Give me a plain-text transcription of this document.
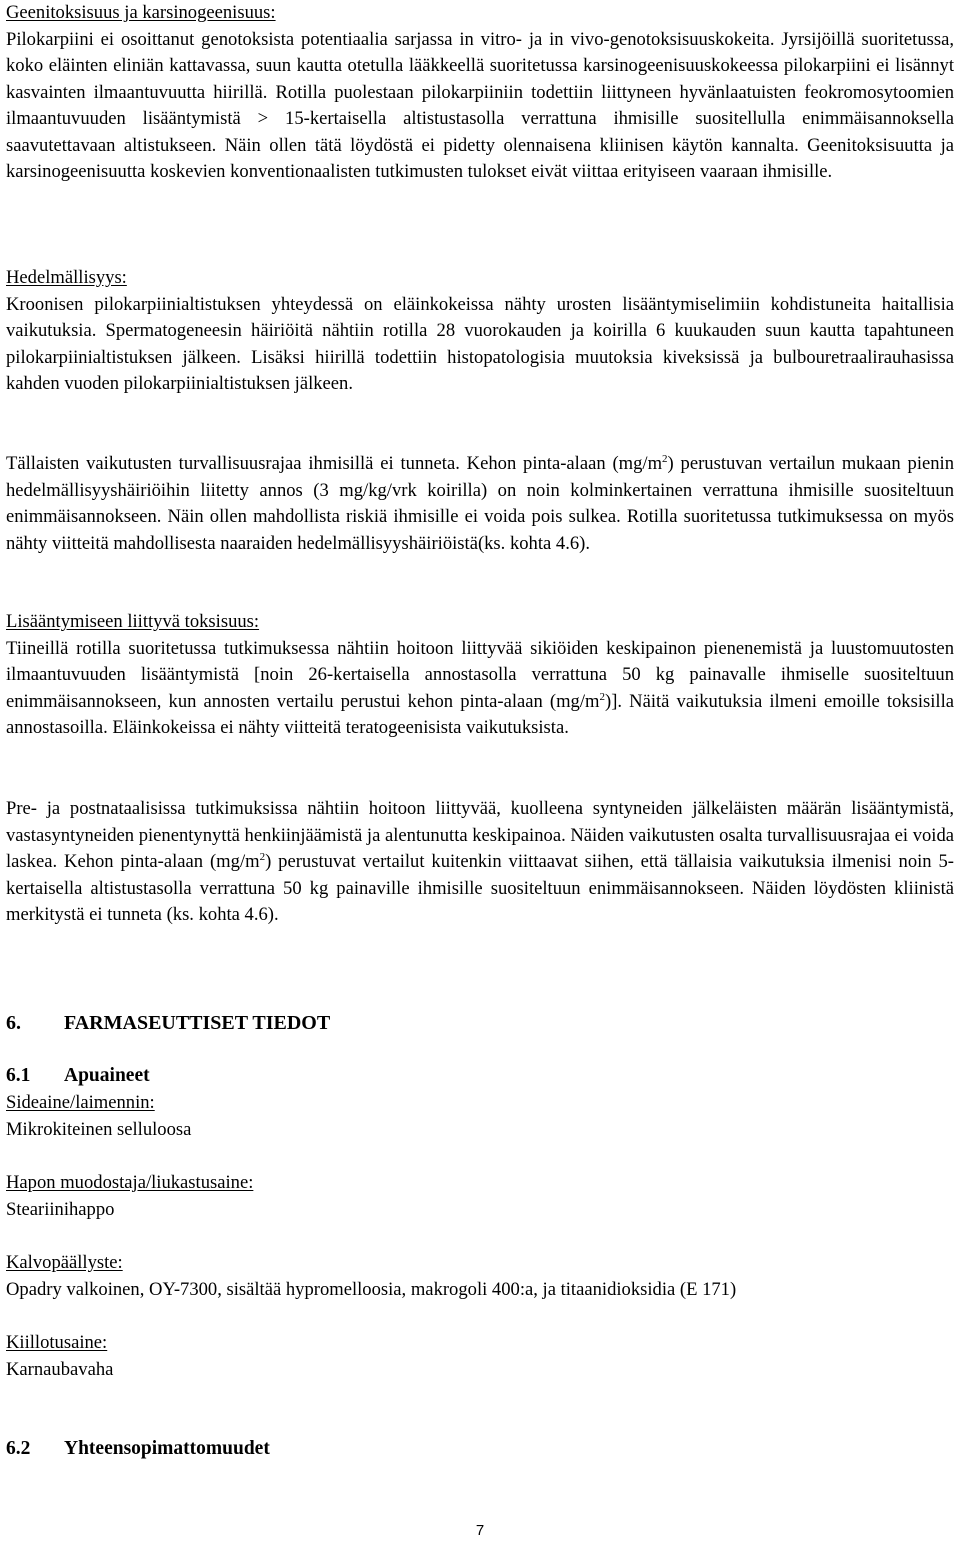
Geenitoksisuus ja karsinogeenisuus:
Pilokarpiini ei osoittanut genotoksista potentiaalia sarjassa in vitro- ja in vivo-genotoksisuuskokeita. Jyrsijöillä suoritetussa, koko eläinten eliniän kattavassa, suun kautta otetulla lääkkeellä suoritetussa karsinogeenisuuskokeessa pilokarpiini ei lisännyt kasvainten ilmaantuvuutta hiirillä. Rotilla puolestaan pilokarpiiniin todettiin liittyneen hyvänlaatuisten feokromosytoomien ilmaantuvuuden lisääntymistä > 15-kertaisella altistustasolla verrattuna ihmisille suositellulla enimmäisannoksella saavutettavaan altistukseen. Näin ollen tätä löydöstä ei pidetty olennaisena kliinisen käytön kannalta. Geenitoksisuutta ja karsinogeenisuutta koskevien konventionaalisten tutkimusten tulokset eivät viittaa erityiseen vaaraan ihmisille.
Hedelmällisyys:
Kroonisen pilokarpiinialtistuksen yhteydessä on eläinkokeissa nähty urosten lisääntymiselimiin kohdistuneita haitallisia vaikutuksia. Spermatogeneesin häiriöitä nähtiin rotilla 28 vuorokauden ja koirilla 6 kuukauden suun kautta tapahtuneen pilokarpiinialtistuksen jälkeen. Lisäksi hiirillä todettiin histopatologisia muutoksia kiveksissä ja bulbouretraalirauhasissa kahden vuoden pilokarpiinialtistuksen jälkeen.
Tällaisten vaikutusten turvallisuusrajaa ihmisillä ei tunneta. Kehon pinta-alaan $(mg/m^2)$ perustuvan vertailun mukaan pienin hedelmällisyyshäiriöihin liitetty annos (3 mg/kg/vrk koirilla) on noin kolminkertainen verrattuna ihmisille suositeltuun enimmäisannokseen. Näin ollen mahdollista riskiä ihmisille ei voida pois sulkea. Rotilla suoritetussa tutkimuksessa on myös nähty viitteitä mahdollisesta naaraiden hedelmällisyyshäiriöistä(ks. kohta 4.6).
Lisääntymiseen liittyvä toksisuus:
Tiineillä rotilla suoritetussa tutkimuksessa nähtiin hoitoon liittyvää sikiöiden keskipainon pienenemistä ja luustomuutosten ilmaantuvuuden lisääntymistä [noin 26-kertaisella annostasolla verrattuna 50 kg painavalle ihmiselle suositeltuun enimmäisannokseen, kun annosten vertailu perustui kehon pinta-alaan $(mg/m^2)$]. Näitä vaikutuksia ilmeni emoille toksisilla annostasoilla. Eläinkokeissa ei nähty viitteitä teratogeenisista vaikutuksista.
Pre- ja postnataalisissa tutkimuksissa nähtiin hoitoon liittyvää, kuolleena syntyneiden jälkeläisten määrän lisääntymistä, vastasyntyneiden pienentynyttä henkiinjäämistä ja alentunutta keskipainoa. Näiden vaikutusten osalta turvallisuusrajaa ei voida laskea. Kehon pinta-alaan $(mg/m^2)$ perustuvat vertailut kuitenkin viittaavat siihen, että tällaisia vaikutuksia ilmenisi noin 5-kertaisella altistustasolla verrattuna 50 kg painaville ihmisille suositeltuun enimmäisannokseen. Näiden löydösten kliinistä merkitystä ei tunneta (ks. kohta 4.6).
6. FARMASEUTTISET TIEDOT
6.1 Apuaineet
Sideaine/laimennin:
Mikrokiteinen selluloosa
Hapon muodostaja/liukastusaine:
Steariinihappo
Kalvopäällyste:
Opadry valkoinen, OY-7300, sisältää hypromelloosia, makrogoli 400:a, ja titaanidioksidia (E 171)
Kiillotusaine:
Karnaubavaha
6.2 Yhteensopimattomuudet
7
